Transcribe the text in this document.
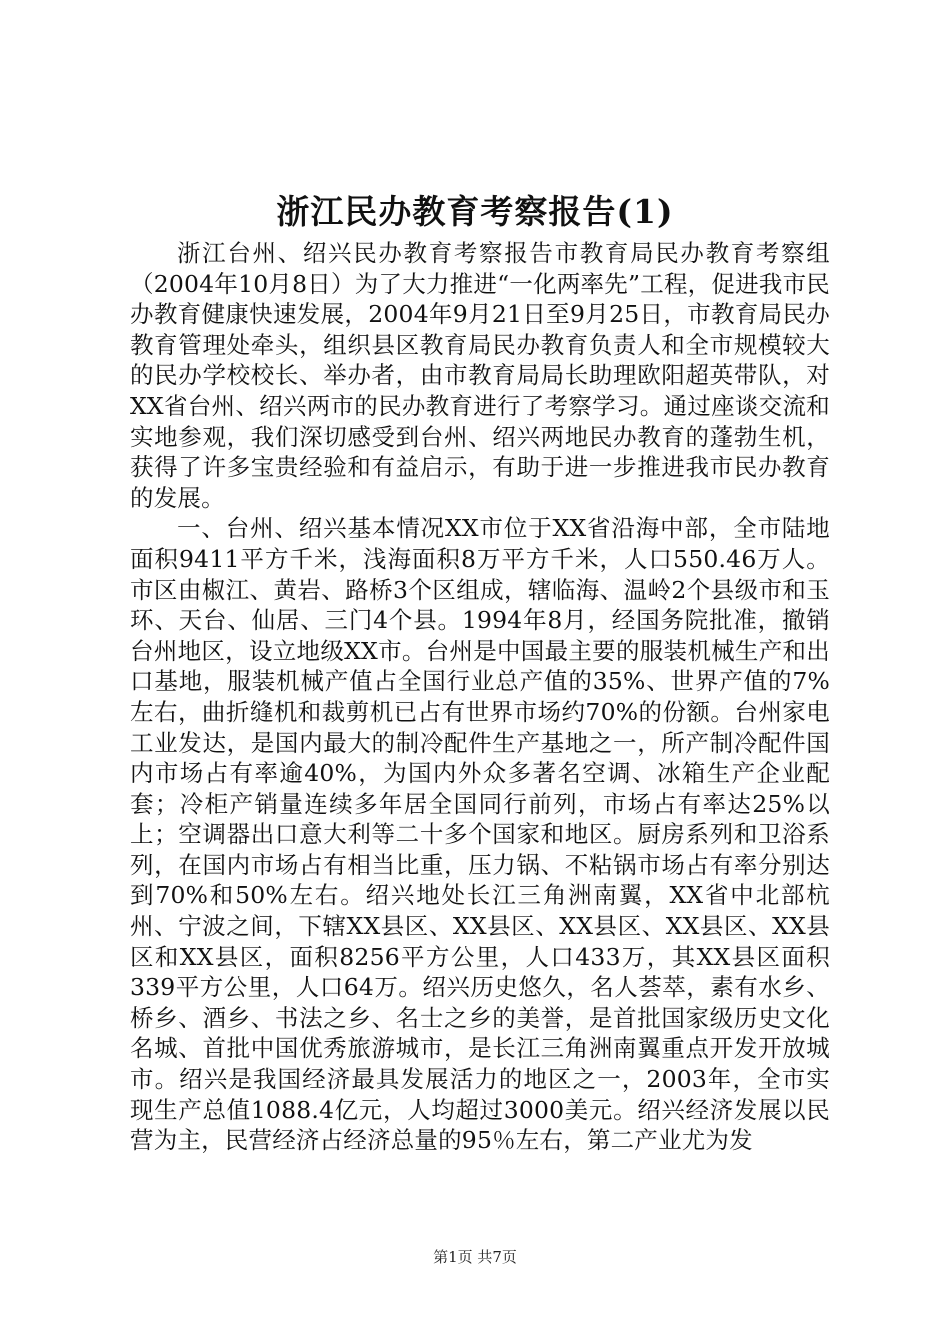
浙江民办教育考察报告(1)

浙江台州、绍兴民办教育考察报告市教育局民办教育考察组（2004年10月8日）为了大力推进“一化两率先”工程，促进我市民办教育健康快速发展，2004年9月21日至9月25日，市教育局民办教育管理处牵头，组织县区教育局民办教育负责人和全市规模较大的民办学校校长、举办者，由市教育局局长助理欧阳超英带队，对XX省台州、绍兴两市的民办教育进行了考察学习。通过座谈交流和实地参观，我们深切感受到台州、绍兴两地民办教育的蓬勃生机，获得了许多宝贵经验和有益启示，有助于进一步推进我市民办教育的发展。

一、台州、绍兴基本情况XX市位于XX省沿海中部，全市陆地面积9411平方千米，浅海面积8万平方千米，人口550.46万人。市区由椒江、黄岩、路桥3个区组成，辖临海、温岭2个县级市和玉环、天台、仙居、三门4个县。1994年8月，经国务院批准，撤销台州地区，设立地级XX市。台州是中国最主要的服装机械生产和出口基地，服装机械产值占全国行业总产值的35%、世界产值的7%左右，曲折缝机和裁剪机已占有世界市场约70%的份额。台州家电工业发达，是国内最大的制冷配件生产基地之一，所产制冷配件国内市场占有率逾40%，为国内外众多著名空调、冰箱生产企业配套；冷柜产销量连续多年居全国同行前列，市场占有率达25%以上；空调器出口意大利等二十多个国家和地区。厨房系列和卫浴系列，在国内市场占有相当比重，压力锅、不粘锅市场占有率分别达到70%和50%左右。绍兴地处长江三角洲南翼，XX省中北部杭州、宁波之间，下辖XX县区、XX县区、XX县区、XX县区、XX县区和XX县区，面积8256平方公里，人口433万，其XX县区面积339平方公里，人口64万。绍兴历史悠久，名人荟萃，素有水乡、桥乡、酒乡、书法之乡、名士之乡的美誉，是首批国家级历史文化名城、首批中国优秀旅游城市，是长江三角洲南翼重点开发开放城市。绍兴是我国经济最具发展活力的地区之一，2003年，全市实现生产总值1088.4亿元，人均超过3000美元。绍兴经济发展以民营为主，民营经济占经济总量的95％左右，第二产业尤为发

第1页 共7页
